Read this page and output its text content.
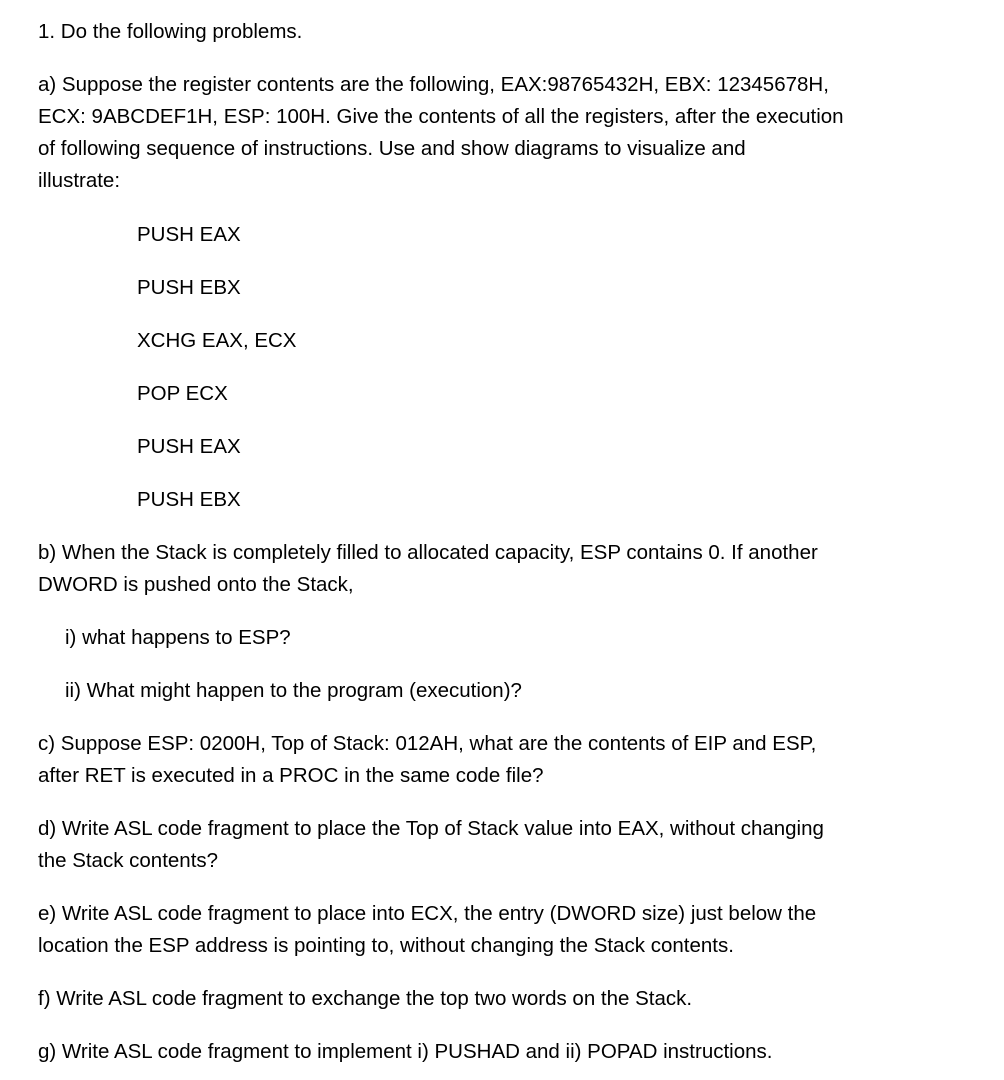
1. Do the following problems.
a) Suppose the register contents are the following, EAX:98765432H, EBX: 12345678H,
ECX: 9ABCDEF1H, ESP: 100H. Give the contents of all the registers, after the execution
of following sequence of instructions. Use and show diagrams to visualize and
illustrate:
PUSH EAX
PUSH EBX
XCHG EAX, ECX
POP ECX
PUSH EAX
PUSH EBX
b) When the Stack is completely filled to allocated capacity, ESP contains 0. If another
DWORD is pushed onto the Stack,
i) what happens to ESP?
ii) What might happen to the program (execution)?
c) Suppose ESP: 0200H, Top of Stack: 012AH, what are the contents of EIP and ESP,
after RET is executed in a PROC in the same code file?
d) Write ASL code fragment to place the Top of Stack value into EAX, without changing
the Stack contents?
e) Write ASL code fragment to place into ECX, the entry (DWORD size) just below the
location the ESP address is pointing to, without changing the Stack contents.
f) Write ASL code fragment to exchange the top two words on the Stack.
g) Write ASL code fragment to implement i) PUSHAD and ii) POPAD instructions.
